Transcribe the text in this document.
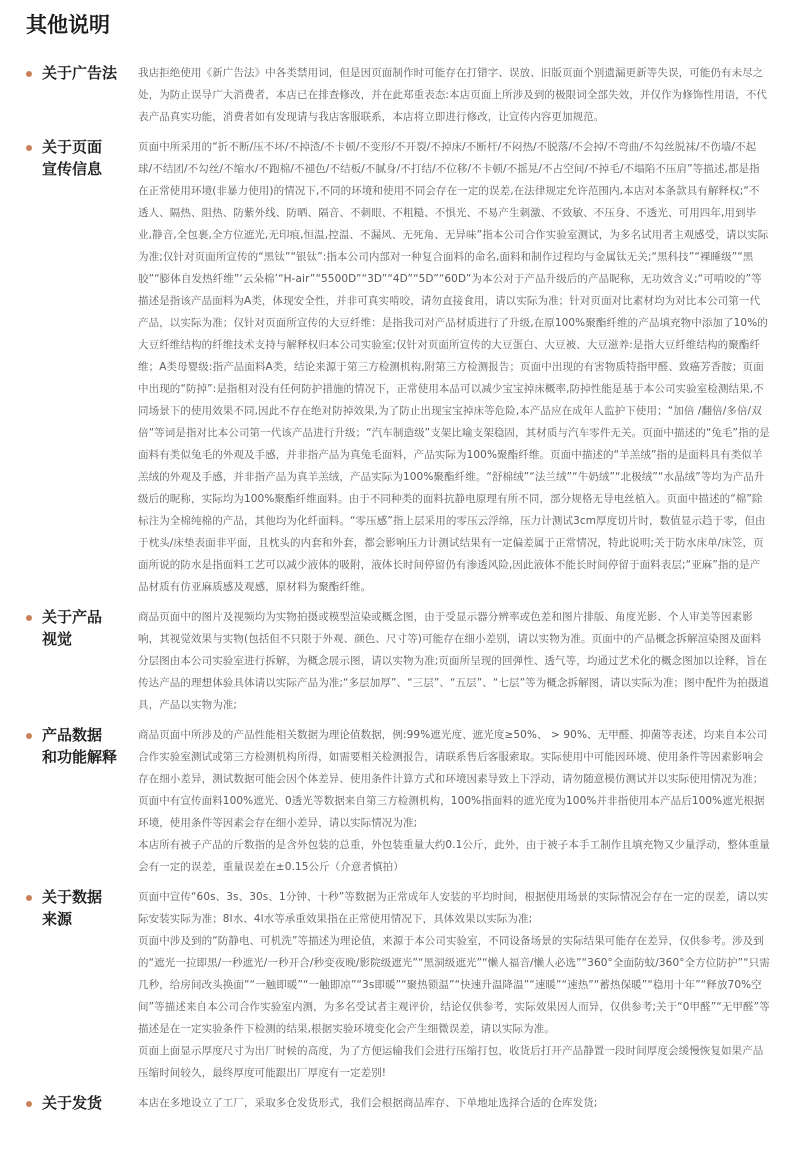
其他说明
关于广告法	我店拒绝使用《新广告法》中各类禁用词，但是因页面制作时可能存在打错字、误放、旧版页面个别遗漏更新等失误，可能仍有未尽之处，为防止误导广大消费者，本店已在排查修改，并在此郑重表态:本店页面上所涉及到的极限词全部失效，并仅作为修饰性用语，不代表产品真实功能，消费者如有发现请与我店客服联系，本店将立即进行修改，让宣传内容更加规范。

关于页面
宣传信息

页面中所采用的“折不断/压不坏/不掉渣/不卡顿/不变形/不开裂/不掉床/不断杆/不闷热/不脱落/不会掉/不弯曲/不勾丝脱袜/不伤墙/不起球/不结团/不勾丝/不缩水/不跑棉/不褪色/不结板/不腻身/不打结/不位移/不卡顿/不摇晃/不占空间/不掉毛/不塌陷不压肩”等描述,都是指在正常使用环境(非暴力使用)的情况下,不同的环境和使用不同会存在一定的误差,在法律规定允许范围内,本店对本条款具有解释权;“不透人、隔热、阻热、防紫外线、防晒、隔音、不刺眼、不粗糙、不惧光、不易产生刺激、不致敏、不压身、不透光、可用四年,用到毕业,静音,全包裹,全方位遮光,无印痕,恒温,控温、不漏风、无死角、无异味”指本公司合作实验室测试，为多名试用者主观感受，请以实际为准;仅针对页面所宣传的“黑钛”“银钛”:指本公司内部对一种复合面料的命名,面料和制作过程均与金属钛无关;“黑科技”“裸睡级”“黑胶”“膨体自发热纤维”‘云朵棉’“H-air”“5500D”“3D”“4D”“5D”“60D”为本公对于产品升级后的产品昵称，无功效含义;“可啃咬的”等描述是指该产品面料为A类，体现安全性，并非可真实啃咬，请勿直接食用，请以实际为准；针对页面对比素材均为对比本公司第一代产品，以实际为准；仅针对页面所宣传的大豆纤维：是指我司对产品材质进行了升级,在原100%聚酯纤维的产品填充物中添加了10%的大豆纤维结构的纤维技术支持与解释权归本公司实验室;仅针对页面所宣传的大豆蛋白、大豆被、大豆滋养:是指大豆纤维结构的聚酯纤维；A类母婴级:指产品面料A类，结论来源于第三方检测机构,附第三方检测报告；页面中出现的有害物质特指甲醛、致癌芳香胺；页面中出现的“防掉”:是指相对没有任何防护措施的情况下，正常使用本品可以减少宝宝掉床概率,防掉性能是基于本公司实验室检测结果,不同场景下的使用效果不同,因此不存在绝对防掉效果,为了防止出现宝宝掉床等危险,本产品应在成年人监护下使用；“加倍 /翻倍/多倍/双倍”等词是指对比本公司第一代该产品进行升级；“汽车制造级”支架比喻支架稳固，其材质与汽车零件无关。页面中描述的“兔毛”指的是面料有类似兔毛的外观及手感，并非指产品为真兔毛面料，产品实际为100%聚酯纤维。页面中描述的“羊羔绒”指的是面料具有类似羊羔绒的外观及手感，并非指产品为真羊羔绒，产品实际为100%聚酯纤维。“舒棉绒”“法兰绒”“牛奶绒”“北极绒”“水晶绒”等均为产品升级后的昵称，实际均为100%聚酯纤维面料。由于不同种类的面料抗静电原理有所不同，部分规格无导电丝植入。页面中描述的“棉”除标注为全棉纯棉的产品，其他均为化纤面料。“零压感”指上层采用的零压云浮绵，压力计测试3cm厚度切片时，数值显示趋于零，但由于枕头/床垫表面非平面，且枕头的内套和外套，都会影响压力计测试结果有一定偏差属于正常情况，特此说明;关于防水床单/床笠，页面所说的防水是指面料工艺可以减少液体的吸附，液体长时间停留仍有渗透风险,因此液体不能长时间停留于面料表层;“亚麻”指的是产品材质有仿亚麻质感及观感，原材料为聚酯纤维。

关于产品
视觉

商品页面中的图片及视频均为实物拍摄或模型渲染或概念图，由于受显示器分辨率或色差和图片排版、角度光影、个人审美等因素影响，其视觉效果与实物(包括但不只限于外观、颜色、尺寸等)可能存在细小差别，请以实物为准。页面中的产品概念拆解渲染图及面料分层图由本公司实验室进行拆解，为概念展示图，请以实物为准;页面所呈现的回弹性、透气等，均通过艺术化的概念图加以诠释，旨在传达产品的理想体验具体请以实际产品为准;“多层加厚”、“三层”、“五层”、“七层”等为概念拆解图，请以实际为准；图中配件为拍摄道具，产品以实物为准;

产品数据
和功能解释

商品页面中所涉及的产品性能相关数据为理论值数据，例:99%遮光度、遮光度≥50%、 > 90%、无甲醛、抑菌等表述，均来自本公司合作实验室测试或第三方检测机构所得，如需要相关检测报告，请联系售后客服索取。实际使用中可能因环境、使用条件等因素影响会存在细小差异，测试数据可能会因个体差异、使用条件计算方式和环境因素导致上下浮动，请勿随意模仿测试并以实际使用情况为准；页面中有宣传面料100%遮光、0透光等数据来自第三方检测机构，100%指面料的遮光度为100%并非指使用本产品后100%遮光根据环境，使用条件等因素会存在细小差异，请以实际情况为准;

本店所有被子产品的斤数指的是含外包装的总重，外包装重量大约0.1公斤，此外，由于被子本手工制作且填充物又少量浮动，整体重量会有一定的误差，重量误差在±0.15公斤（介意者慎拍）

关于数据
来源

页面中宣传“60s、3s、30s、1分钟、十秒”等数据为正常成年人安装的平均时间，根据使用场景的实际情况会存在一定的误差，请以实际安装实际为准；8l水、4l水等承重效果指在正常使用情况下，具体效果以实际为准;

页面中涉及到的“防静电、可机洗”等描述为理论值，来源于本公司实验室，不同设备场景的实际结果可能存在差异，仅供参考。涉及到的“遮光一拉即黑/一秒遮光/一秒开合/秒变夜晚/影院级遮光”“黑洞级遮光”“懒人福音/懒人必选”“360°全面防蚊/360°全方位防护”“只需几秒，给房间改头换面”“一触即暖”“一触即凉”“3s即暖”“聚热锁温”“快速升温降温”“速暖”“速热”“蓄热保暖”“稳用十年”“释放70%空间”等描述来自本公司合作实验室内测，为多名受试者主观评价，结论仅供参考，实际效果因人而异，仅供参考;关于“0甲醛”“无甲醛”等描述是在一定实验条件下检测的结果,根据实验环境变化会产生细微误差，请以实际为准。

页面上面显示厚度尺寸为出厂时候的高度，为了方便运输我们会进行压缩打包，收货后打开产品静置一段时间厚度会缓慢恢复如果产品压缩时间较久，最终厚度可能跟出厂厚度有一定差别!

关于发货	本店在多地设立了工厂，采取多仓发货形式，我们会根据商品库存、下单地址选择合适的仓库发货;
